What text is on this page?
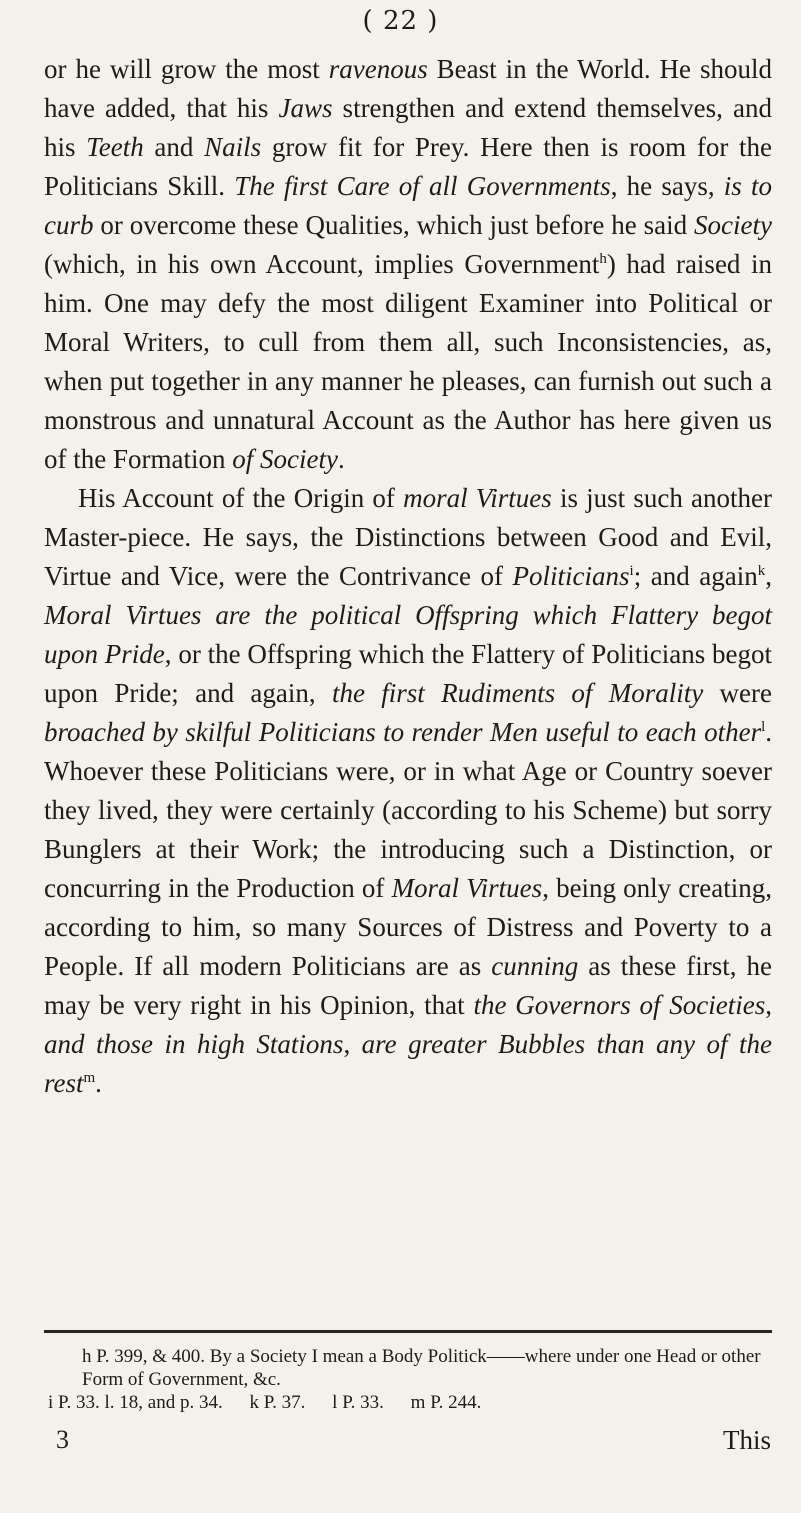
( 22 )

or he will grow the most ravenous Beast in the World. He should have added, that his Jaws strengthen and extend themselves, and his Teeth and Nails grow fit for Prey. Here then is room for the Politicians Skill. The first Care of all Governments, he says, is to curb or overcome these Qualities, which just before he said Society (which, in his own Account, implies Government$^h$) had raised in him. One may defy the most diligent Examiner into Political or Moral Writers, to cull from them all, such Inconsistencies, as, when put together in any manner he pleases, can furnish out such a monstrous and unnatural Account as the Author has here given us of the Formation of Society.

His Account of the Origin of moral Virtues is just such another Master-piece. He says, the Distinctions between Good and Evil, Virtue and Vice, were the Contrivance of Politicians$^i$; and again$^k$, Moral Virtues are the political Offspring which Flattery begot upon Pride, or the Offspring which the Flattery of Politicians begot upon Pride; and again, the first Rudiments of Morality were broached by skilful Politicians to render Men useful to each other$^l$. Whoever these Politicians were, or in what Age or Country soever they lived, they were certainly (according to his Scheme) but sorry Bunglers at their Work; the introducing such a Distinction, or concurring in the Production of Moral Virtues, being only creating, according to him, so many Sources of Distress and Poverty to a People. If all modern Politicians are as cunning as these first, he may be very right in his Opinion, that the Governors of Societies, and those in high Stations, are greater Bubbles than any of the rest$^m$.

h P. 399, & 400. By a Society I mean a Body Politick——where under one Head or other Form of Government, &c.

i P. 33. l. 18, and p. 34. k P. 37. l P. 33. m P. 244.

3	This
